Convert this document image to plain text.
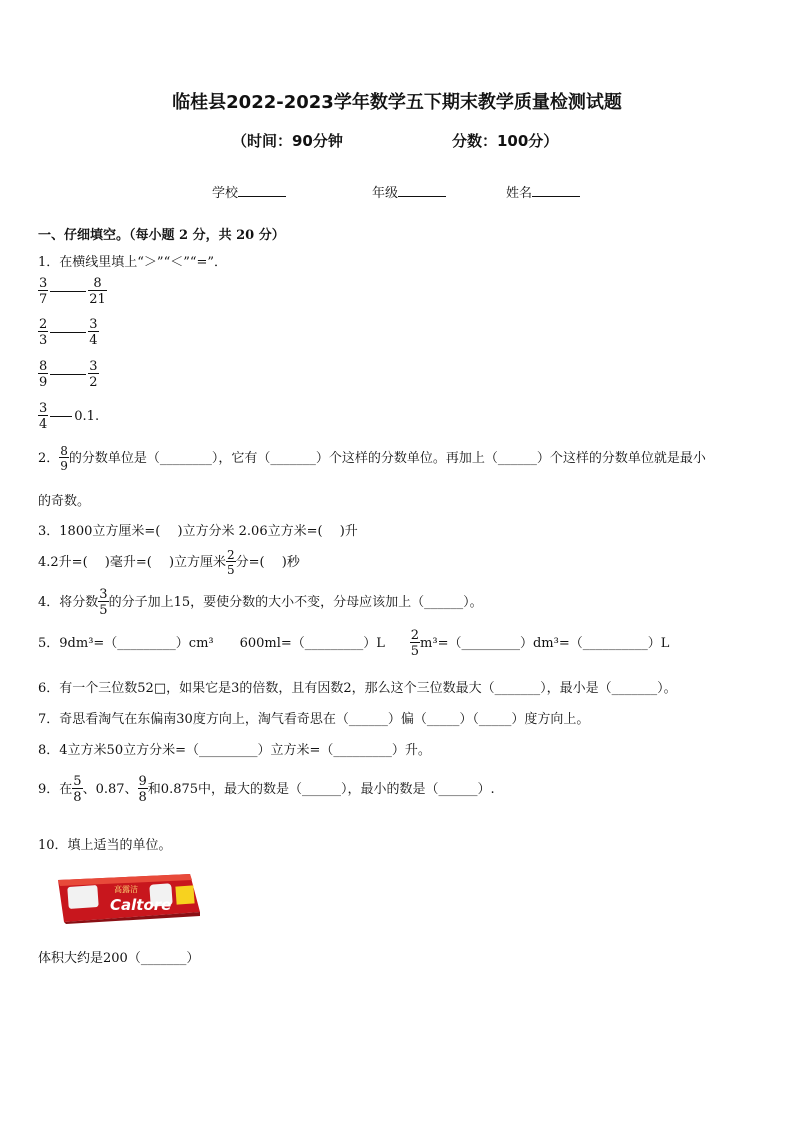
临桂县2022-2023学年数学五下期末教学质量检测试题
（时间：90分钟	分数：100分）
学校	年级	姓名
一、仔细填空。（每小题 2 分，共 20 分）
1．在横线里填上“＞”“＜”“=”．
$\frac{3}{7}$	$\frac{8}{21}$
$\frac{2}{3}$	$\frac{3}{4}$
$\frac{8}{9}$	$\frac{3}{2}$
$\frac{3}{4} 0.1$.
2． $\frac{8}{9}$ 的分数单位是（________），它有（_______）个这样的分数单位。再加上（______）个这样的分数单位就是最小
的奇数。
3．1800立方厘米=(　 )立方分米 2.06立方米=(　 )升
4.2升=(　 )毫升=(　 )立方厘米 $\frac{2}{5}$ 分=(　 )秒
4．将分数 $\frac{3}{5}$ 的分子加上15，要使分数的大小不变，分母应该加上（______）。
5．9dm³=（_________）cm³　　600ml=（_________）L $\frac{2}{5}$ m³=（_________）dm³=（__________）L
6．有一个三位数52□，如果它是3的倍数，且有因数2，那么这个三位数最大（_______），最小是（_______）。
7．奇思看淘气在东偏南30度方向上，淘气看奇思在（______）偏（_____）（_____）度方向上。
8．4立方米50立方分米=（_________）立方米=（_________）升。
9．在 $\frac{5}{8}$ 、0.87、 $\frac{9}{8}$ 和0.875中，最大的数是（______），最小的数是（______）.
10．填上适当的单位。
Caltore
高露洁
体积大约是200（_______）
